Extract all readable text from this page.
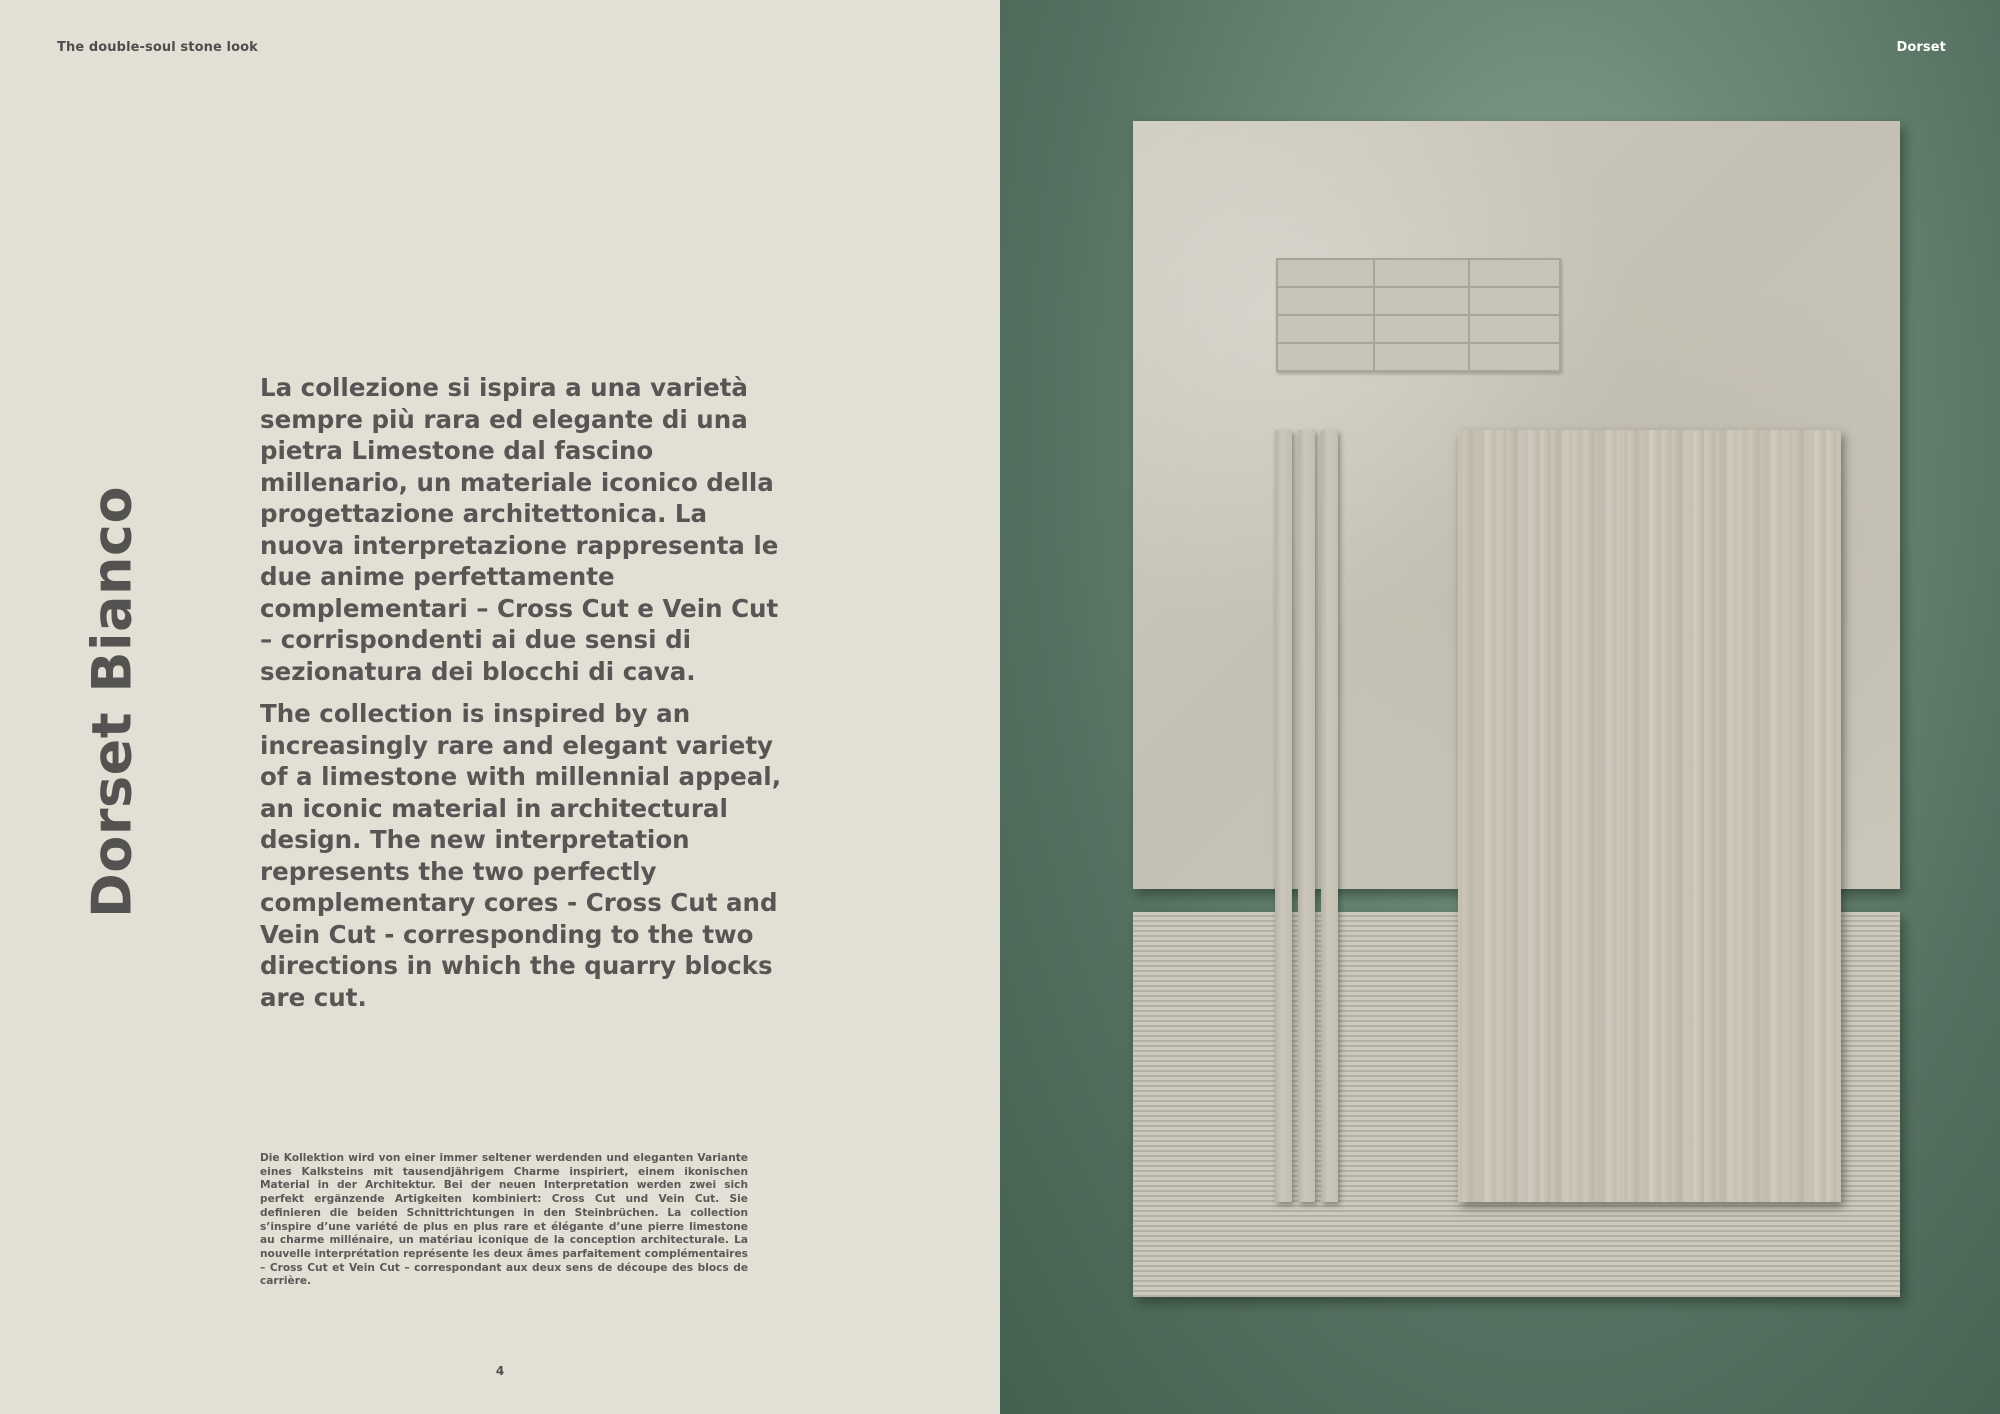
The double-soul stone look
Dorset Bianco

La collezione si ispira a una varietà sempre più rara ed elegante di una pietra Limestone dal fascino millenario, un materiale iconico della progettazione architettonica. La nuova interpretazione rappresenta le due anime perfettamente complementari – Cross Cut e Vein Cut – corrispondenti ai due sensi di sezionatura dei blocchi di cava.

The collection is inspired by an increasingly rare and elegant variety of a limestone with millennial appeal, an iconic material in architectural design. The new interpretation represents the two perfectly complementary cores - Cross Cut and Vein Cut - corresponding to the two directions in which the quarry blocks are cut.

Die Kollektion wird von einer immer seltener werdenden und eleganten Variante eines Kalksteins mit tausendjährigem Charme inspiriert, einem ikonischen Material in der Architektur. Bei der neuen Interpretation werden zwei sich perfekt ergänzende Artigkeiten kombiniert: Cross Cut und Vein Cut. Sie definieren die beiden Schnittrichtungen in den Steinbrüchen. La collection s’inspire d’une variété de plus en plus rare et élégante d’une pierre limestone au charme millénaire, un matériau iconique de la conception architecturale. La nouvelle interprétation représente les deux âmes parfaitement complémentaires – Cross Cut et Vein Cut – correspondant aux deux sens de découpe des blocs de carrière.

4
Dorset
